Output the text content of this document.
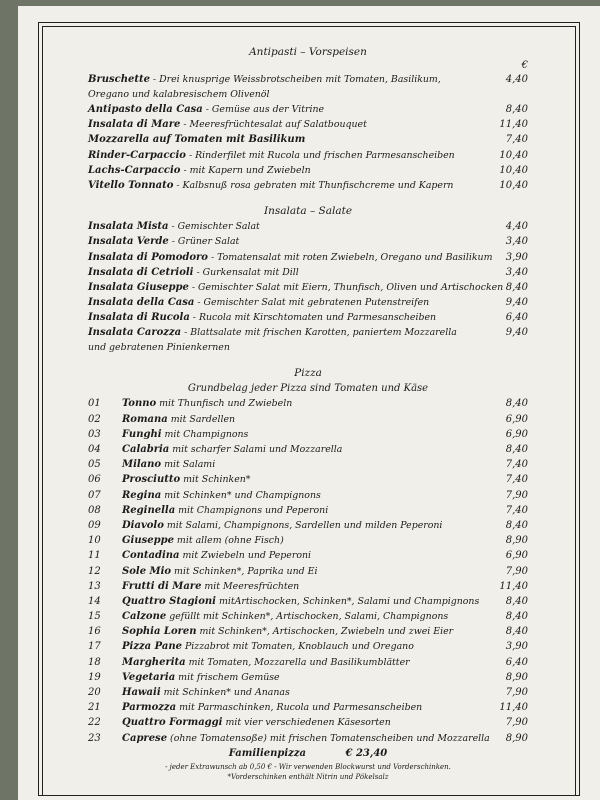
Antipasti – Vorspeisen
€
Bruschette - Drei knusprige Weissbrotscheiben mit Tomaten, Basilikum, Oregano und kalabresischem Olivenöl
4,40
Antipasto della Casa - Gemüse aus der Vitrine	8,40
Insalata di Mare - Meeresfrüchtesalat auf Salatbouquet	11,40
Mozzarella auf Tomaten mit Basilikum	7,40
Rinder-Carpaccio - Rinderfilet mit Rucola und frischen Parmesanscheiben	10,40
Lachs-Carpaccio - mit Kapern und Zwiebeln	10,40
Vitello Tonnato - Kalbsnuß rosa gebraten mit Thunfischcreme und Kapern	10,40
Insalata – Salate
Insalata Mista - Gemischter Salat	4,40
Insalata Verde - Grüner Salat	3,40
Insalata di Pomodoro - Tomatensalat mit roten Zwiebeln, Oregano und Basilikum 3,90
Insalata di Cetrioli - Gurkensalat mit Dill	3,40
Insalata Giuseppe - Gemischter Salat mit Eiern, Thunfisch, Oliven und Artischocken 8,40
Insalata della Casa - Gemischter Salat mit gebratenen Putenstreifen	9,40
Insalata di Rucola - Rucola mit Kirschtomaten und Parmesanscheiben	6,40
Insalata Carozza - Blattsalate mit frischen Karotten, paniertem Mozzarella und gebratenen Pinienkernen
9,40
Pizza
Grundbelag jeder Pizza sind Tomaten und Käse
01 Tonno mit Thunfisch und Zwiebeln	8,40
02 Romana mit Sardellen	6,90
03 Funghi mit Champignons	6,90
04 Calabria mit scharfer Salami und Mozzarella	8,40
05 Milano mit Salami	7,40
06 Prosciutto mit Schinken*	7,40
07 Regina mit Schinken* und Champignons	7,90
08 Reginella mit Champignons und Peperoni	7,40
09 Diavolo mit Salami, Champignons, Sardellen und milden Peperoni	8,40
10 Giuseppe mit allem (ohne Fisch)	8,90
11 Contadina mit Zwiebeln und Peperoni	6,90
12 Sole Mio mit Schinken*, Paprika und Ei	7,90
13 Frutti di Mare mit Meeresfrüchten	11,40
14 Quattro Stagioni mitArtischocken, Schinken*, Salami und Champignons	8,40
15 Calzone gefüllt mit Schinken*, Artischocken, Salami, Champignons	8,40
16 Sophia Loren mit Schinken*, Artischocken, Zwiebeln und zwei Eier	8,40
17 Pizza Pane Pizzabrot mit Tomaten, Knoblauch und Oregano	3,90
18 Margherita mit Tomaten, Mozzarella und Basilikumblätter	6,40
19 Vegetaria mit frischem Gemüse	8,90
20 Hawaii mit Schinken* und Ananas	7,90
21 Parmozza mit Parmaschinken, Rucola und Parmesanscheiben	11,40
22 Quattro Formaggi mit vier verschiedenen Käsesorten	7,90
23 Caprese (ohne Tomatensoße) mit frischen Tomatenscheiben und Mozzarella 8,90
Familienpizza	€ 23,40
- jeder Extrawunsch ab 0,50 € - Wir verwenden Blockwurst und Vorderschinken.
*Vorderschinken enthält Nitrin und Pökelsalz
